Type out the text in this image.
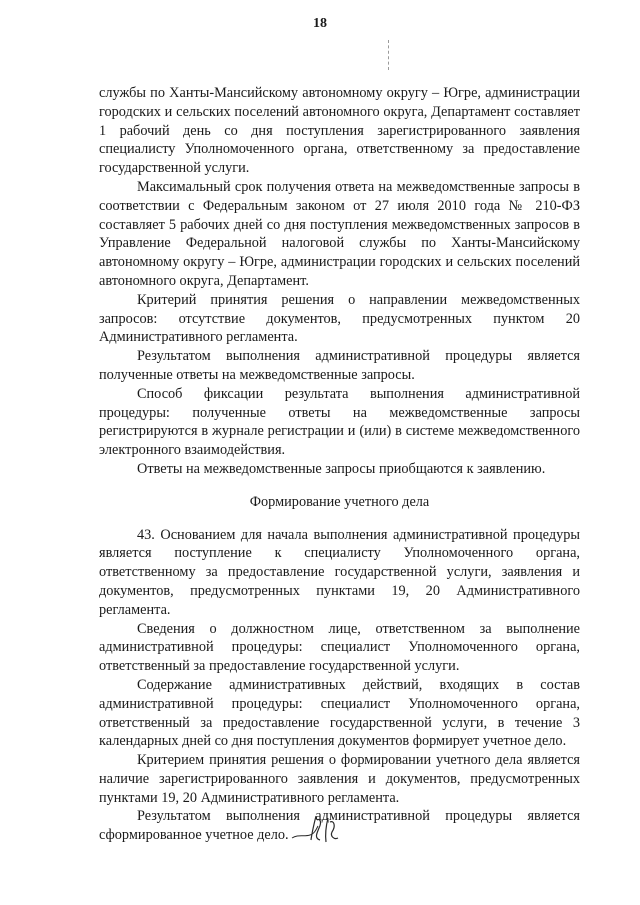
18

службы по Ханты-Мансийскому автономному округу – Югре, администрации городских и сельских поселений автономного округа, Департамент составляет 1 рабочий день со дня поступления зарегистрированного заявления специалисту Уполномоченного органа, ответственному за предоставление государственной услуги.

Максимальный срок получения ответа на межведомственные запросы в соответствии с Федеральным законом от 27 июля 2010 года № 210-ФЗ составляет 5 рабочих дней со дня поступления межведомственных запросов в Управление Федеральной налоговой службы по Ханты-Мансийскому автономному округу – Югре, администрации городских и сельских поселений автономного округа, Департамент.

Критерий принятия решения о направлении межведомственных запросов: отсутствие документов, предусмотренных пунктом 20 Административного регламента.

Результатом выполнения административной процедуры является полученные ответы на межведомственные запросы.

Способ фиксации результата выполнения административной процедуры: полученные ответы на межведомственные запросы регистрируются в журнале регистрации и (или) в системе межведомственного электронного взаимодействия.

Ответы на межведомственные запросы приобщаются к заявлению.

Формирование учетного дела

43. Основанием для начала выполнения административной процедуры является поступление к специалисту Уполномоченного органа, ответственному за предоставление государственной услуги, заявления и документов, предусмотренных пунктами 19, 20 Административного регламента.

Сведения о должностном лице, ответственном за выполнение административной процедуры: специалист Уполномоченного органа, ответственный за предоставление государственной услуги.

Содержание административных действий, входящих в состав административной процедуры: специалист Уполномоченного органа, ответственный за предоставление государственной услуги, в течение 3 календарных дней со дня поступления документов формирует учетное дело.

Критерием принятия решения о формировании учетного дела является наличие зарегистрированного заявления и документов, предусмотренных пунктами 19, 20 Административного регламента.

Результатом выполнения административной процедуры является сформированное учетное дело.
